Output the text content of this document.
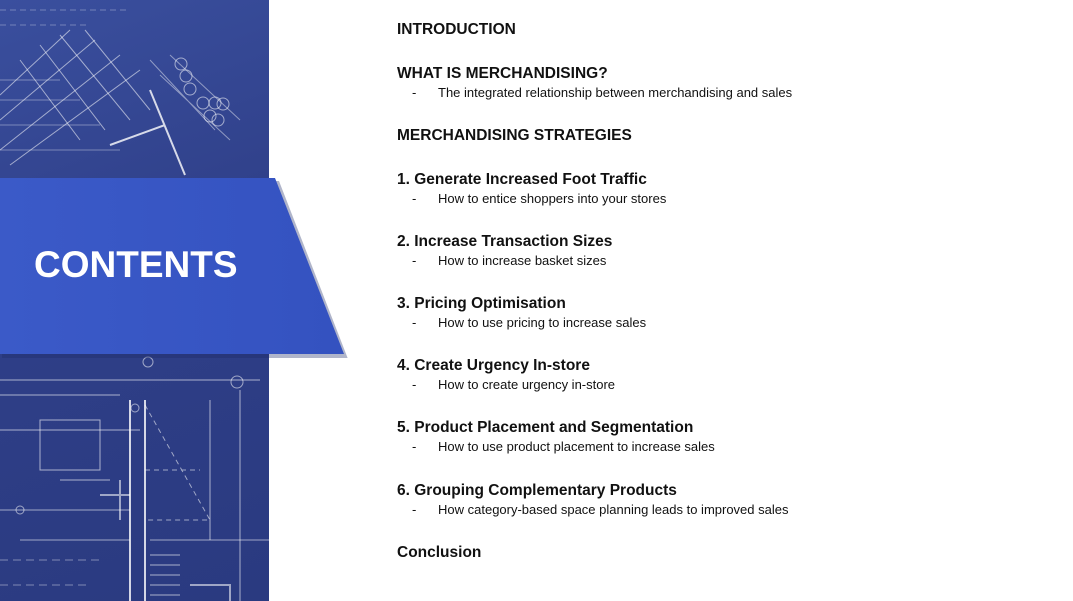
CONTENTS
INTRODUCTION
WHAT IS MERCHANDISING?
- The integrated relationship between merchandising and sales
MERCHANDISING STRATEGIES
1. Generate Increased Foot Traffic
- How to entice shoppers into your stores
2. Increase Transaction Sizes
- How to increase basket sizes
3. Pricing Optimisation
- How to use pricing to increase sales
4. Create Urgency In-store
- How to create urgency in-store
5. Product Placement and Segmentation
- How to use product placement to increase sales
6. Grouping Complementary Products
- How category-based space planning leads to improved sales
Conclusion
